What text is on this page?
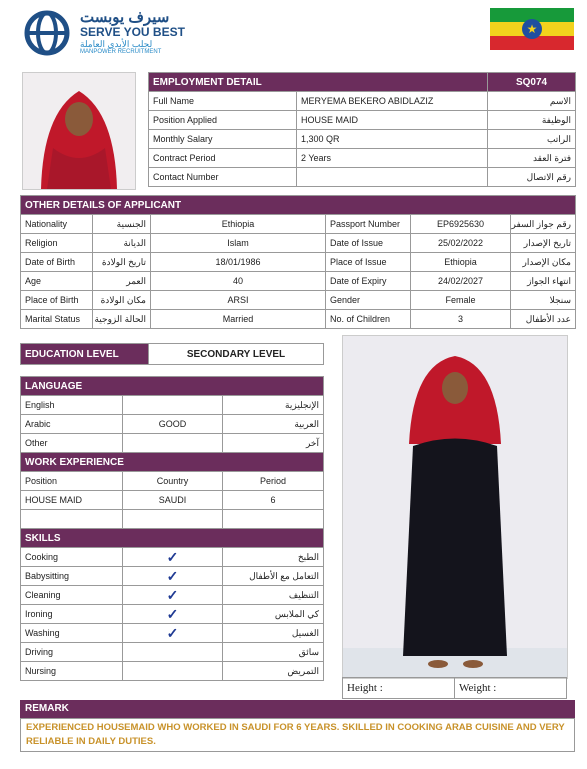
سيرف يوبست
SERVE YOU BEST
لجلب الأيدي العاملة
MANPOWER RECRUITMENT
★
EMPLOYMENT DETAIL		SQ074
Full Name	MERYEMA BEKERO ABIDLAZIZ	الاسم
Position Applied	HOUSE MAID	الوظيفة
Monthly Salary	1,300 QR	الراتب
Contract Period	2 Years	فترة العقد
Contact Number		رقم الاتصال
OTHER DETAILS OF APPLICANT					
Nationality	الجنسية	Ethiopia	Passport Number	EP6925630	رقم جواز السفر
Religion	الديانة	Islam	Date of Issue	25/02/2022	تاريخ الإصدار
Date of Birth	تاريخ الولادة	18/01/1986	Place of Issue	Ethiopia	مكان الإصدار
Age	العمر	40	Date of Expiry	24/02/2027	انتهاء الجواز
Place of Birth	مكان الولادة	ARSI	Gender	Female	سنجلا
Marital Status	الحالة الزوجية	Married	No. of Children	3	عدد الأطفال
EDUCATION LEVEL	SECONDARY LEVEL
LANGUAGE		
English		الإنجليزية
Arabic	GOOD	العربية
Other		آخر
WORK EXPERIENCE		
Position	Country	Period
HOUSE MAID	SAUDI	6

SKILLS		
Cooking	✓	الطبخ
Babysitting	✓	التعامل مع الأطفال
Cleaning	✓	التنظيف
Ironing	✓	كي الملابس
Washing	✓	الغسيل
Driving		سائق
Nursing		التمريض
Height :	Weight :
REMARK
EXPERIENCED HOUSEMAID WHO WORKED IN SAUDI FOR 6 YEARS. SKILLED IN COOKING ARAB CUISINE AND VERY RELIABLE IN DAILY DUTIES.
